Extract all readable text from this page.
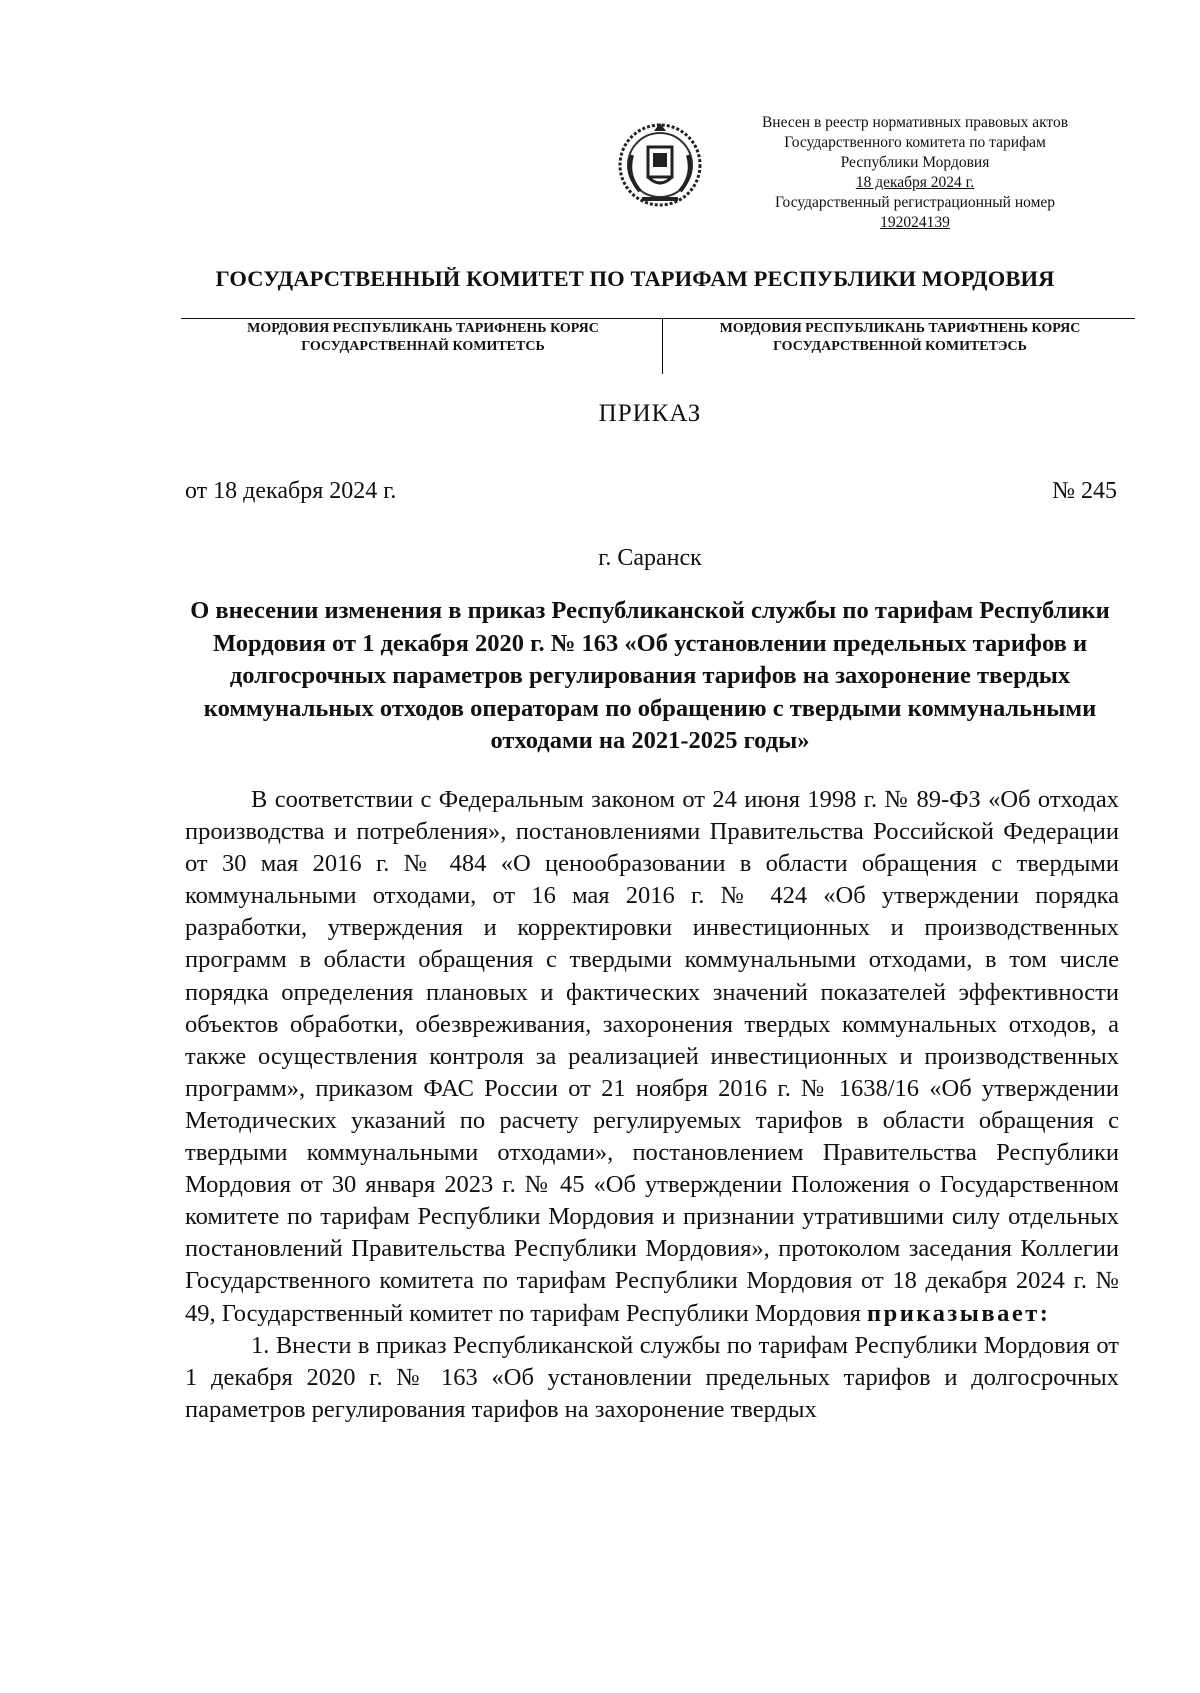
Внесен в реестр нормативных правовых актов
Государственного комитета по тарифам
Республики Мордовия
18 декабря 2024 г.
Государственный регистрационный номер
192024139
ГОСУДАРСТВЕННЫЙ КОМИТЕТ ПО ТАРИФАМ РЕСПУБЛИКИ МОРДОВИЯ
МОРДОВИЯ РЕСПУБЛИКАНЬ ТАРИФНЕНЬ КОРЯС
ГОСУДАРСТВЕННАЙ КОМИТЕТСЬ
МОРДОВИЯ РЕСПУБЛИКАНЬ ТАРИФТНЕНЬ КОРЯС
ГОСУДАРСТВЕННОЙ КОМИТЕТЭСЬ
ПРИКАЗ
от 18 декабря 2024 г.	№ 245
г. Саранск
О внесении изменения в приказ Республиканской службы по тарифам Республики Мордовия от 1 декабря 2020 г. № 163 «Об установлении предельных тарифов и долгосрочных параметров регулирования тарифов на захоронение твердых коммунальных отходов операторам по обращению с твердыми коммунальными отходами на 2021-2025 годы»

В соответствии с Федеральным законом от 24 июня 1998 г. № 89-ФЗ «Об отходах производства и потребления», постановлениями Правительства Российской Федерации от 30 мая 2016 г. № 484 «О ценообразовании в области обращения с твердыми коммунальными отходами, от 16 мая 2016 г. № 424 «Об утверждении порядка разработки, утверждения и корректировки инвестиционных и производственных программ в области обращения с твердыми коммунальными отходами, в том числе порядка определения плановых и фактических значений показателей эффективности объектов обработки, обезвреживания, захоронения твердых коммунальных отходов, а также осуществления контроля за реализацией инвестиционных и производственных программ», приказом ФАС России от 21 ноября 2016 г. № 1638/16 «Об утверждении Методических указаний по расчету регулируемых тарифов в области обращения с твердыми коммунальными отходами», постановлением Правительства Республики Мордовия от 30 января 2023 г. № 45 «Об утверждении Положения о Государственном комитете по тарифам Республики Мордовия и признании утратившими силу отдельных постановлений Правительства Республики Мордовия», протоколом заседания Коллегии Государственного комитета по тарифам Республики Мордовия от 18 декабря 2024 г. № 49, Государственный комитет по тарифам Республики Мордовия приказывает:

1. Внести в приказ Республиканской службы по тарифам Республики Мордовия от 1 декабря 2020 г. № 163 «Об установлении предельных тарифов и долгосрочных параметров регулирования тарифов на захоронение твердых
